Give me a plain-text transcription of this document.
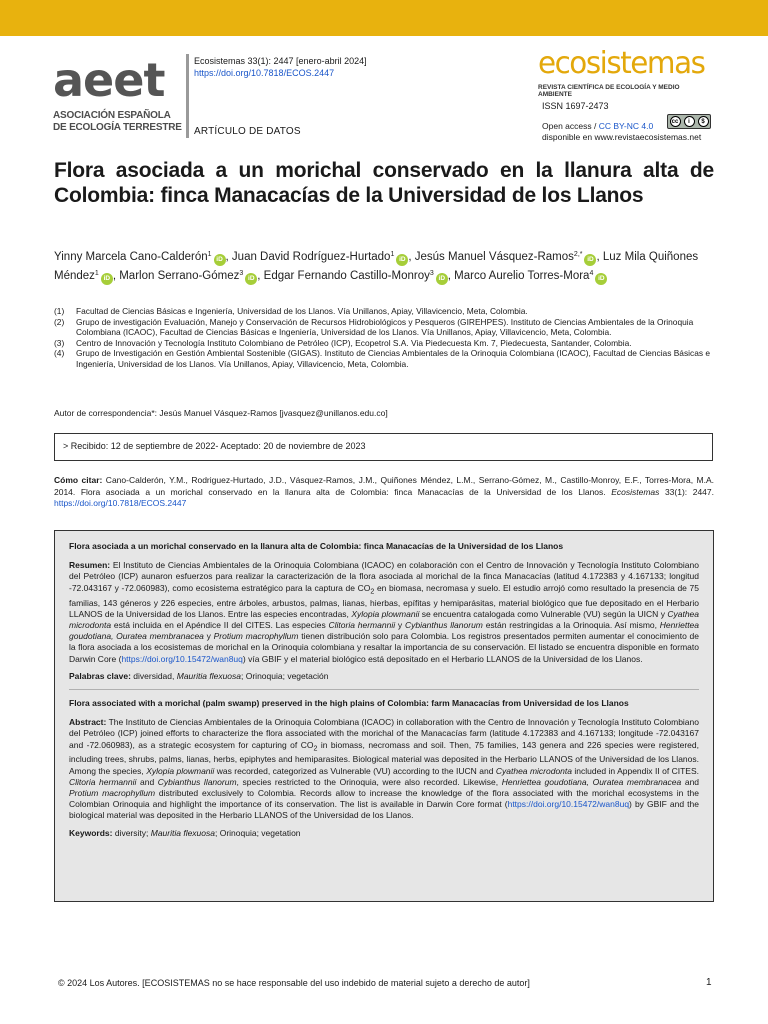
aeet
ASOCIACIÓN ESPAÑOLA
DE ECOLOGÍA TERRESTRE
Ecosistemas 33(1): 2447 [enero-abril 2024]
https://doi.org/10.7818/ECOS.2447
ARTÍCULO DE DATOS
ecosistemas
REVISTA CIENTÍFICA DE ECOLOGÍA Y MEDIO AMBIENTE
ISSN 1697-2473
Open access / CC BY-NC 4.0
disponible en www.revistaecosistemas.net
cc	i	$
Flora asociada a un morichal conservado en la llanura alta de Colombia: finca Manacacías de la Universidad de los Llanos
Yinny Marcela Cano-Calderón$^1$iD , Juan David Rodríguez-Hurtado$^1$iD , Jesús Manuel Vásquez-Ramos$^{2,*}$iD , Luz Mila Quiñones Méndez$^1$iD , Marlon Serrano-Gómez$^3$iD , Edgar Fernando Castillo-Monroy$^3$iD , Marco Aurelio Torres-Mora$^4$iD
(1)	Facultad de Ciencias Básicas e Ingeniería, Universidad de los Llanos. Vía Unillanos, Apiay, Villavicencio, Meta, Colombia.
(2)	Grupo de investigación Evaluación, Manejo y Conservación de Recursos Hidrobiológicos y Pesqueros (GIREHPES). Instituto de Ciencias Ambientales de la Orinoquia Colombiana (ICAOC), Facultad de Ciencias Básicas e Ingeniería, Universidad de los Llanos. Vía Unillanos, Apiay, Villavicencio, Meta, Colombia.
(3)	Centro de Innovación y Tecnología Instituto Colombiano de Petróleo (ICP), Ecopetrol S.A. Via Piedecuesta Km. 7, Piedecuesta, Santander, Colombia.
(4)	Grupo de Investigación en Gestión Ambiental Sostenible (GIGAS). Instituto de Ciencias Ambientales de la Orinoquia Colombiana (ICAOC), Facultad de Ciencias Básicas e Ingeniería, Universidad de los Llanos. Vía Unillanos, Apiay, Villavicencio, Meta, Colombia.
Autor de correspondencia*: Jesús Manuel Vásquez-Ramos [jvasquez@unillanos.edu.co]
> Recibido: 12 de septiembre de 2022- Aceptado: 20 de noviembre de 2023

Cómo citar: Cano-Calderón, Y.M., Rodriguez-Hurtado, J.D., Vásquez-Ramos, J.M., Quiñones Méndez, L.M., Serrano-Gómez, M., Castillo-Monroy, E.F., Torres-Mora, M.A. 2014. Flora asociada a un morichal conservado en la llanura alta de Colombia: finca Manacacías de la Universidad de los Llanos. Ecosistemas 33(1): 2447. https://doi.org/10.7818/ECOS.2447

Flora asociada a un morichal conservado en la llanura alta de Colombia: finca Manacacías de la Universidad de los Llanos

Resumen: El Instituto de Ciencias Ambientales de la Orinoquia Colombiana (ICAOC) en colaboración con el Centro de Innovación y Tecnología Instituto Colombiano del Petróleo (ICP) aunaron esfuerzos para realizar la caracterización de la flora asociada al morichal de la finca Manacacías (latitud 4.172383 y 4.167133; longitud -72.043167 y -72.060983), como ecosistema estratégico para la captura de $CO_2$ en biomasa, necromasa y suelo. El estudio arrojó como resultado la presencia de 75 familias, 143 géneros y 226 especies, entre árboles, arbustos, palmas, lianas, hierbas, epífitas y hemiparásitas, material biológico que fue depositado en el Herbario LLANOS de la Universidad de los Llanos. Entre las especies encontradas, Xylopia plowmanii se encuentra catalogada como Vulnerable (VU) según la UICN y Cyathea microdonta está incluida en el Apéndice II del CITES. Las especies Clitoria hermannii y Cybianthus llanorum están restringidas a la Orinoquia. Así mismo, Henriettea goudotiana, Ouratea membranacea y Protium macrophyllum tienen distribución solo para Colombia. Los registros presentados permiten aumentar el conocimiento de la flora asociada a los ecosistemas de morichal en la Orinoquia colombiana y resaltar la importancia de su conservación. El listado se encuentra disponible en formato Darwin Core (https://doi.org/10.15472/wan8uq) vía GBIF y el material biológico está depositado en el Herbario LLANOS de la Universidad de los Llanos.

Palabras clave: diversidad, Mauritia flexuosa; Orinoquia; vegetación

Flora associated with a morichal (palm swamp) preserved in the high plains of Colombia: farm Manacacías from Universidad de los Llanos

Abstract: The Instituto de Ciencias Ambientales de la Orinoquia Colombiana (ICAOC) in collaboration with the Centro de Innovación y Tecnología Instituto Colombiano del Petróleo (ICP) joined efforts to characterize the flora associated with the morichal of the Manacacías farm (latitude 4.172383 and 4.167133; longitude -72.043167 and -72.060983), as a strategic ecosystem for capturing of $CO_2$ in biomass, necromass and soil. Then, 75 families, 143 genera and 226 species were registered, including trees, shrubs, palms, lianas, herbs, epiphytes and hemiparasites. Biological material was deposited in the Herbario LLANOS of the Universidad de los Llanos. Among the species, Xylopia plowmanii was recorded, categorized as Vulnerable (VU) according to the IUCN and Cyathea microdonta included in Appendix II of CITES. Clitoria hermannii and Cybianthus llanorum, species restricted to the Orinoquia, were also recorded. Likewise, Henriettea goudotiana, Ouratea membranacea and Protium macrophyllum distributed exclusively to Colombia. Records allow to increase the knowledge of the flora associated with the morichal ecosystems in the Colombian Orinoquia and highlight the importance of its conservation. The list is available in Darwin Core format (https://doi.org/10.15472/wan8uq) by GBIF and the biological material was deposited in the Herbario LLANOS of the Universidad de los Llanos.

Keywords: diversity; Mauritia flexuosa; Orinoquia; vegetation

© 2024 Los Autores. [ECOSISTEMAS no se hace responsable del uso indebido de material sujeto a derecho de autor]	1
